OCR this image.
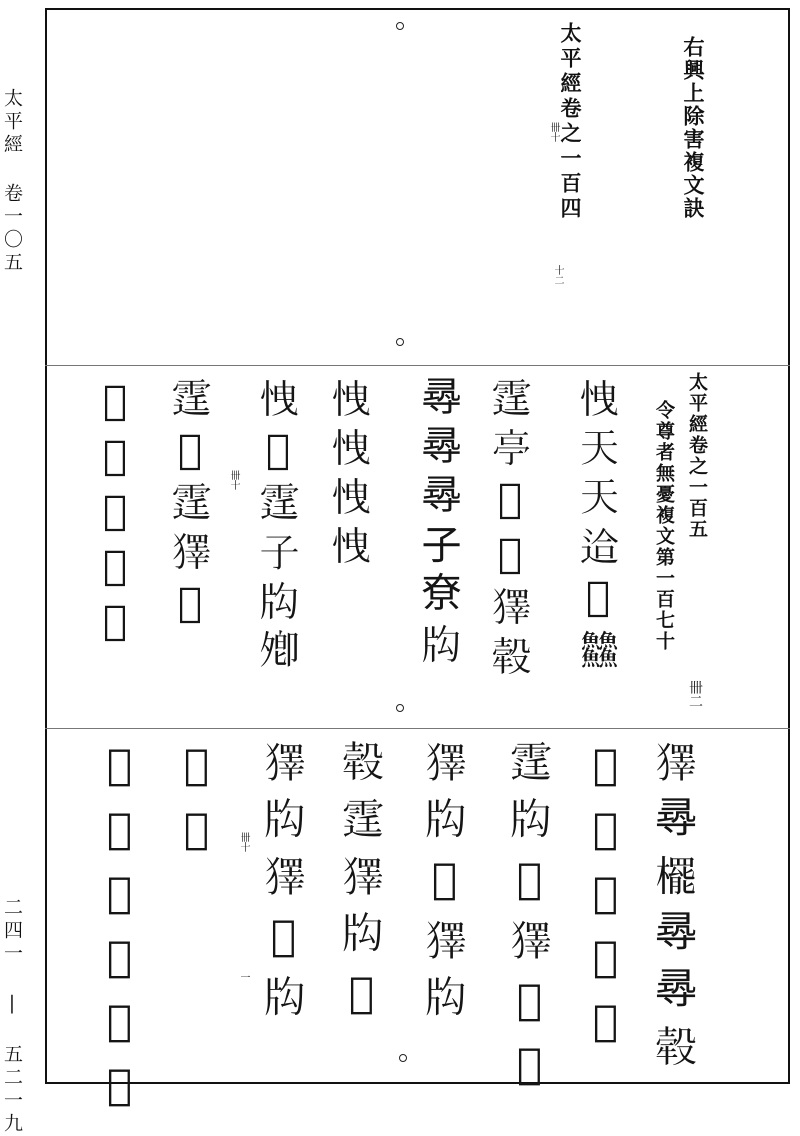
太平經 卷一〇五
二四一 | 五二一九
右興上除害複文訣
太平經卷之一百四
卌十
十二
太平經卷之一百五
令尊者無憂複文第一百七十
卌二
卌十	𢘽天天䢔𢻢䲜
𨗒亭𨓆𦹶𤢟𤚲
𡬶𡬶𡬶子尞𤖮
𢘽𢘽𢘽𢘽
𢘽𤔫𨗒子𤖮𡖖
𨗒𢻢𨗒𤢟𦹶
𤔫𦹶𤖮𤢟𨓆
卌十
一	𤢟𡬶𣞻𡬶𡬶𤚲
𦹶𤢟𤖮𢻢𤖮
𨗒𤖮𦹶𤢟𦹶𦹶
𤢟𤖮𦹶𤢟𤖮
𤚲𨗒𤢟𤖮𢻢
𤢟𤖮𤢟𦹶𤖮
𨓆𤢟
𦹶𤖮𤢟𤖮𦹶𤢟
